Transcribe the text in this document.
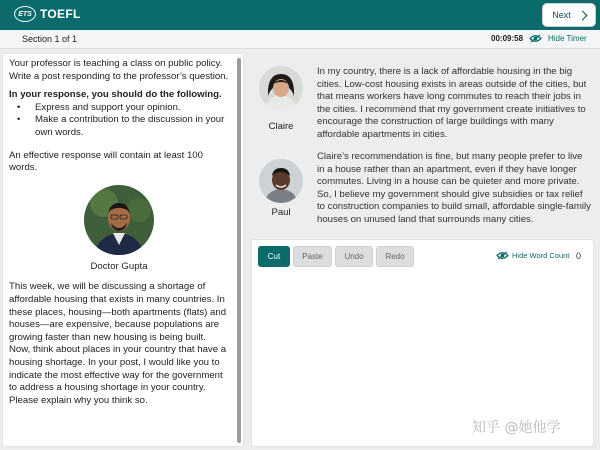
ETS TOEFL	Next
Section 1 of 1	00:09:58	Hide Timer

Your professor is teaching a class on public policy. Write a post responding to the professor’s question.

In your response, you should do the following.

• Express and support your opinion.
• Make a contribution to the discussion in your own words.

An effective response will contain at least 100 words.

Doctor Gupta

This week, we will be discussing a shortage of affordable housing that exists in many countries. In these places, housing—both apartments (flats) and houses—are expensive, because populations are growing faster than new housing is being built. Now, think about places in your country that have a housing shortage. In your post, I would like you to indicate the most effective way for the government to address a housing shortage in your country. Please explain why you think so.

Claire
In my country, there is a lack of affordable housing in the big cities. Low-cost housing exists in areas outside of the cities, but that means workers have long commutes to reach their jobs in the cities. I recommend that my government create initiatives to encourage the construction of large buildings with many affordable apartments in cities.
Paul
Claire’s recommendation is fine, but many people prefer to live in a house rather than an apartment, even if they have longer commutes. Living in a house can be quieter and more private. So, I believe my government should give subsidies or tax relief to construction companies to build small, affordable single-family houses on unused land that surrounds many cities.
Cut	Paste	Undo	Redo	Hide Word Count 0
知乎 @她他学
